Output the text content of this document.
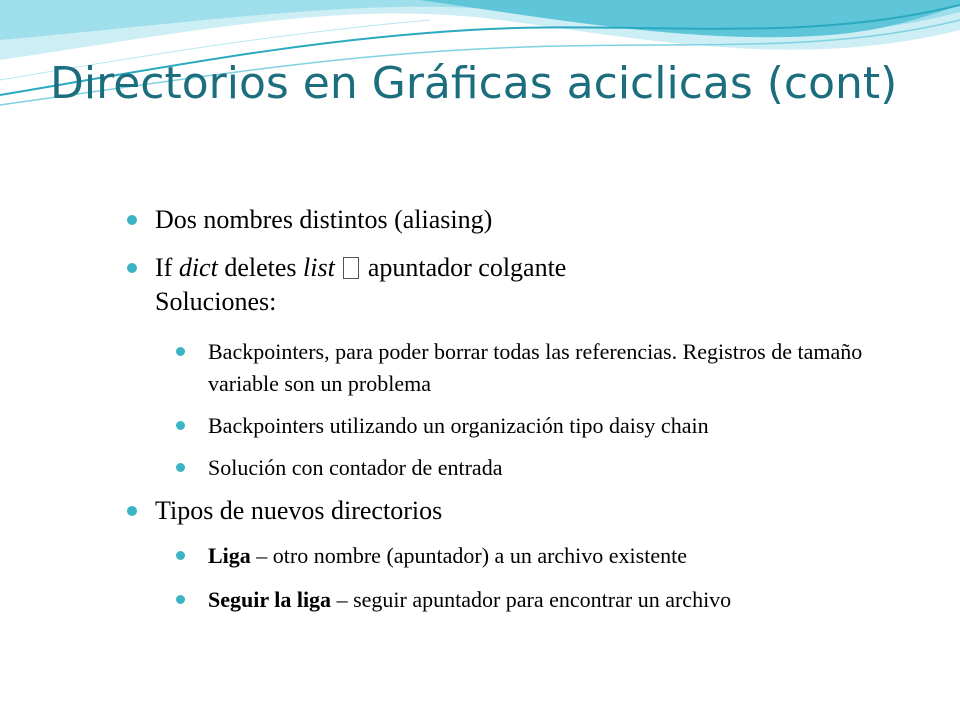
Directorios en Gráficas aciclicas (cont)
Dos nombres distintos (aliasing)
If dict deletes list  apuntador colgante
Soluciones:
Backpointers, para poder borrar todas las referencias. Registros de tamaño variable son un problema
Backpointers utilizando un organización tipo daisy chain
Solución con contador de entrada
Tipos de nuevos directorios
Liga – otro nombre (apuntador) a un archivo existente
Seguir la liga – seguir apuntador para encontrar un archivo
